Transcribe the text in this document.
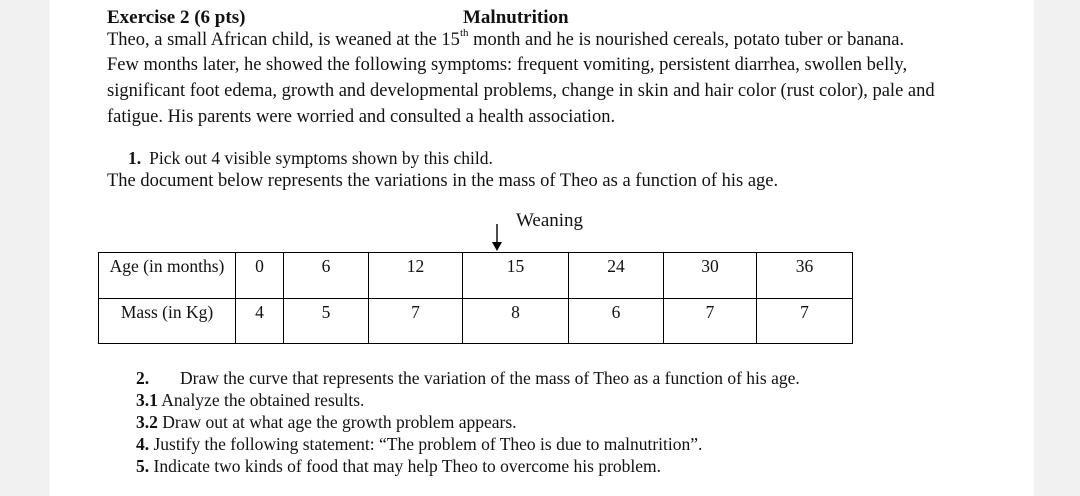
Exercise 2 (6 pts)	Malnutrition
Theo, a small African child, is weaned at the 15th month and he is nourished cereals, potato tuber or banana.
Few months later, he showed the following symptoms: frequent vomiting, persistent diarrhea, swollen belly,
significant foot edema, growth and developmental problems, change in skin and hair color (rust color), pale and
fatigue. His parents were worried and consulted a health association.
1. Pick out 4 visible symptoms shown by this child.
The document below represents the variations in the mass of Theo as a function of his age.
Weaning
Age (in months)	0	6	12	15	24	30	36
Mass (in Kg)	4	5	7	8	6	7	7
2. Draw the curve that represents the variation of the mass of Theo as a function of his age.
3.1 Analyze the obtained results.
3.2 Draw out at what age the growth problem appears.
4. Justify the following statement: “The problem of Theo is due to malnutrition”.
5. Indicate two kinds of food that may help Theo to overcome his problem.
